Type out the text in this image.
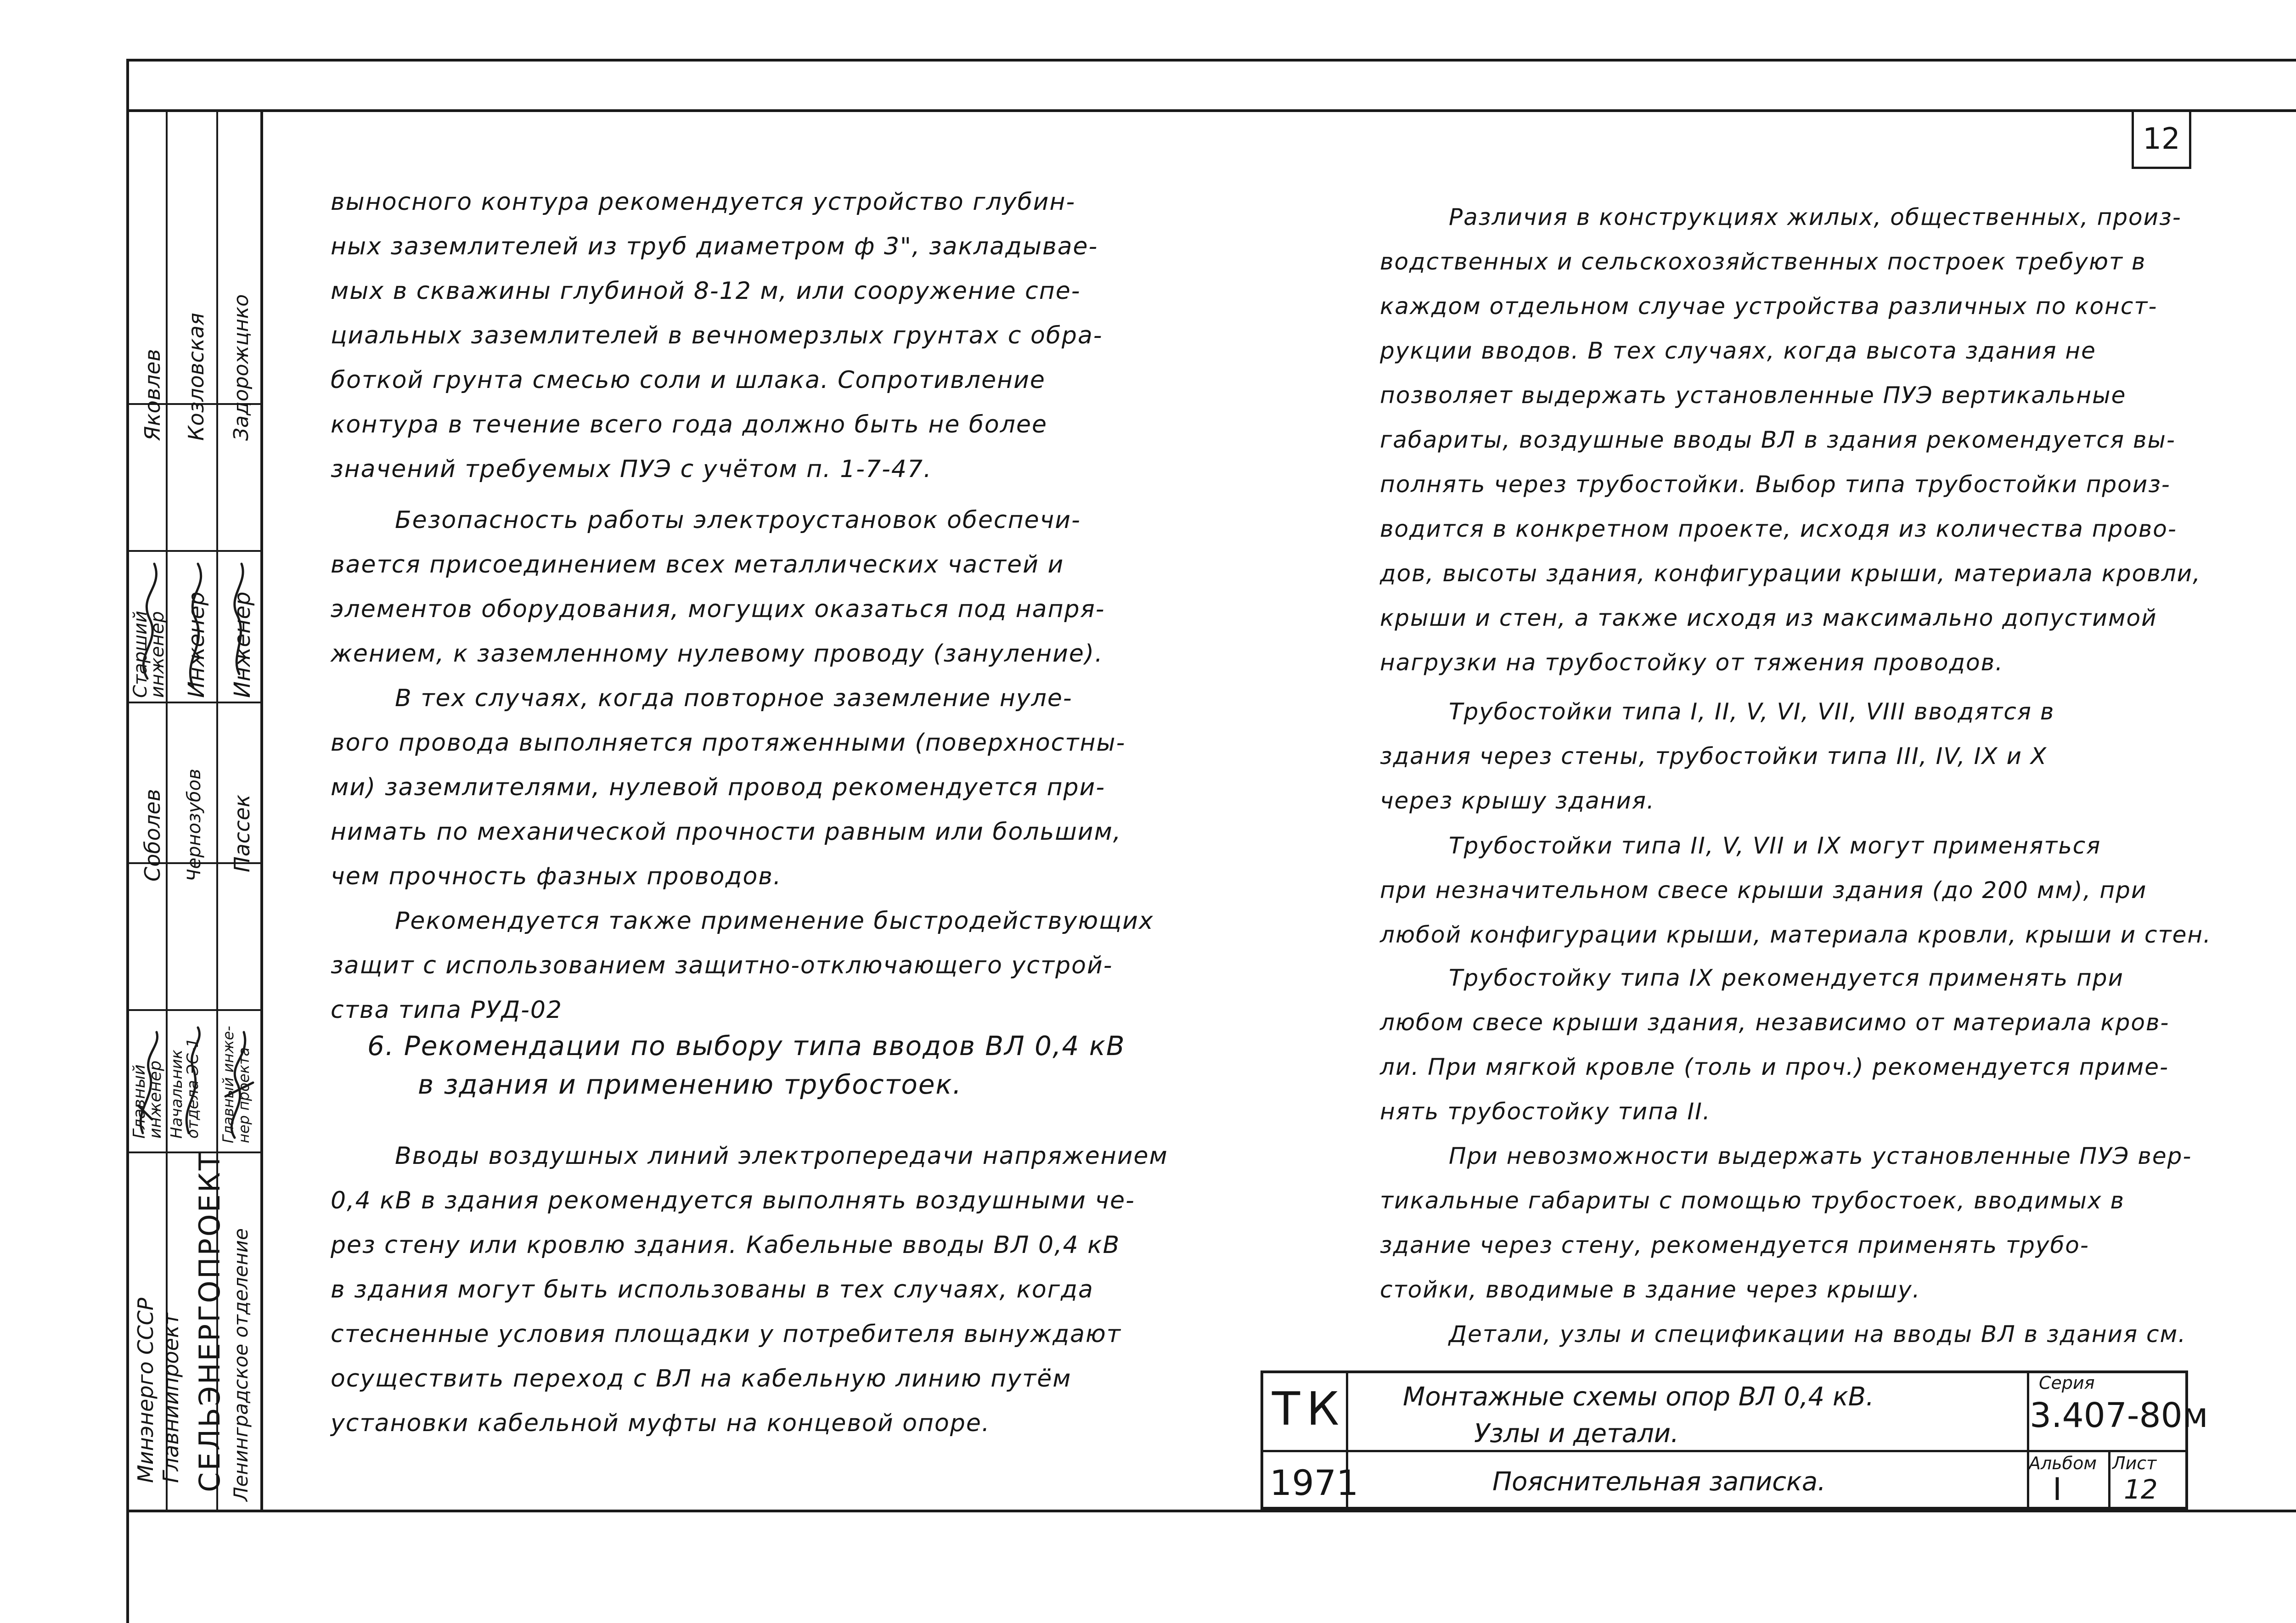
12
выносного контура рекомендуется устройство глубин-
ных заземлителей из труб диаметром ф 3", закладывае-
мых в скважины глубиной 8-12 м, или сооружение спе-
циальных заземлителей в вечномерзлых грунтах с обра-
боткой грунта смесью соли и шлака. Сопротивление
контура в течение всего года должно быть не более
значений требуемых ПУЭ с учётом п. 1-7-47.
Безопасность работы электроустановок обеспечи-
вается присоединением всех металлических частей и
элементов оборудования, могущих оказаться под напря-
жением, к заземленному нулевому проводу (зануление).
В тех случаях, когда повторное заземление нуле-
вого провода выполняется протяженными (поверхностны-
ми) заземлителями, нулевой провод рекомендуется при-
нимать по механической прочности равным или большим,
чем прочность фазных проводов.
Рекомендуется также применение быстродействующих
защит с использованием защитно-отключающего устрой-
ства типа РУД-02
6. Рекомендации по выбору типа вводов ВЛ 0,4 кВ
в здания и применению трубостоек.
Вводы воздушных линий электропередачи напряжением
0,4 кВ в здания рекомендуется выполнять воздушными че-
рез стену или кровлю здания. Кабельные вводы ВЛ 0,4 кВ
в здания могут быть использованы в тех случаях, когда
стесненные условия площадки у потребителя вынуждают
осуществить переход с ВЛ на кабельную линию путём
установки кабельной муфты на концевой опоре.
Различия в конструкциях жилых, общественных, произ-
водственных и сельскохозяйственных построек требуют в
каждом отдельном случае устройства различных по конст-
рукции вводов. В тех случаях, когда высота здания не
позволяет выдержать установленные ПУЭ вертикальные
габариты, воздушные вводы ВЛ в здания рекомендуется вы-
полнять через трубостойки. Выбор типа трубостойки произ-
водится в конкретном проекте, исходя из количества прово-
дов, высоты здания, конфигурации крыши, материала кровли,
крыши и стен, а также исходя из максимально допустимой
нагрузки на трубостойку от тяжения проводов.
Трубостойки типа I, II, V, VI, VII, VIII вводятся в
здания через стены, трубостойки типа III, IV, IX и X
через крышу здания.
Трубостойки типа II, V, VII и IX могут применяться
при незначительном свесе крыши здания (до 200 мм), при
любой конфигурации крыши, материала кровли, крыши и стен.
Трубостойку типа IX рекомендуется применять при
любом свесе крыши здания, независимо от материала кров-
ли. При мягкой кровле (толь и проч.) рекомендуется приме-
нять трубостойку типа II.
При невозможности выдержать установленные ПУЭ вер-
тикальные габариты с помощью трубостоек, вводимых в
здание через стену, рекомендуется применять трубо-
стойки, вводимые в здание через крышу.
Детали, узлы и спецификации на вводы ВЛ в здания см.
Минэнерго СССР Главниипроект СЕЛЬЭНЕРГОПРОЕКТ Ленинградское отделение
Главный
инженер Начальник
отдела ЭС-1 Главный инже-
нер проекта
Старший
инженер Инженер Инженер
Соболев Чернозубов Пассек
Яковлев Козловская Задорожцнко
ТК
1971
Монтажные схемы опор ВЛ 0,4 кВ.
Узлы и детали.
Пояснительная записка.
Серия
3.407-80м
Альбом
I
Лист
12
